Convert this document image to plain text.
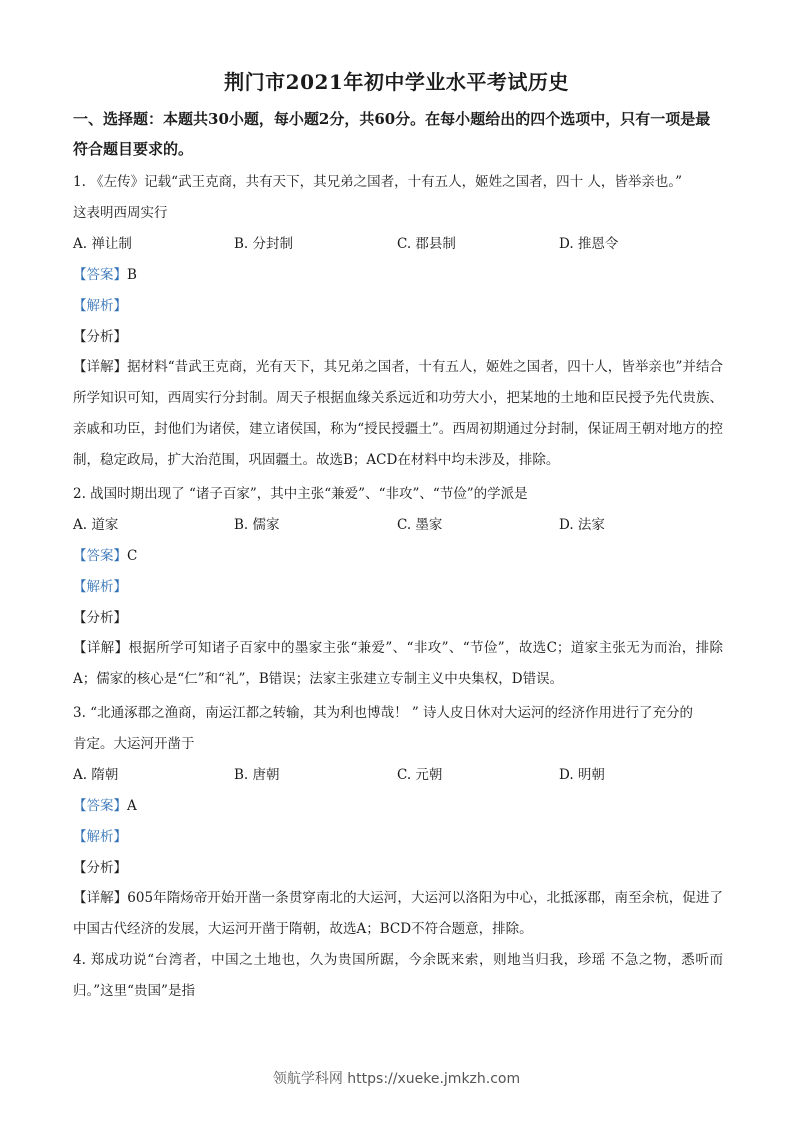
荆门市2021年初中学业水平考试历史
一、选择题：本题共30小题，每小题2分，共60分。在每小题给出的四个选项中，只有一项是最符合题目要求的。
1. 《左传》记载“武王克商，共有天下，其兄弟之国者，十有五人，姬姓之国者，四十 人，皆举亲也。”
这表明西周实行
A. 禅让制	B. 分封制	C. 郡县制	D. 推恩令
【答案】B
【解析】
【分析】
【详解】据材料“昔武王克商，光有天下，其兄弟之国者，十有五人，姬姓之国者，四十人，皆举亲也”并结合所学知识可知，西周实行分封制。周天子根据血缘关系远近和功劳大小，把某地的土地和臣民授予先代贵族、亲戚和功臣，封他们为诸侯，建立诸侯国，称为“授民授疆土”。西周初期通过分封制，保证周王朝对地方的控制，稳定政局，扩大治范围，巩固疆土。故选B；ACD在材料中均未涉及，排除。
2. 战国时期出现了 “诸子百家”，其中主张“兼爱”、“非攻”、“节俭”的学派是
A. 道家	B. 儒家	C. 墨家	D. 法家
【答案】C
【解析】
【分析】
【详解】根据所学可知诸子百家中的墨家主张“兼爱”、“非攻”、“节俭”，故选C；道家主张无为而治，排除A；儒家的核心是“仁”和“礼”，B错误；法家主张建立专制主义中央集权，D错误。
3. “北通涿郡之渔商，南运江都之转输，其为利也博哉！ ” 诗人皮日休对大运河的经济作用进行了充分的
肯定。大运河开凿于
A. 隋朝	B. 唐朝	C. 元朝	D. 明朝
【答案】A
【解析】
【分析】
【详解】605年隋炀帝开始开凿一条贯穿南北的大运河，大运河以洛阳为中心，北抵涿郡，南至余杭，促进了中国古代经济的发展，大运河开凿于隋朝，故选A；BCD不符合题意，排除。
4. 郑成功说“台湾者，中国之土地也，久为贵国所踞，今余既来索，则地当归我，珍瑶 不急之物，悉听而归。”这里“贵国”是指
领航学科网 https://xueke.jmkzh.com
